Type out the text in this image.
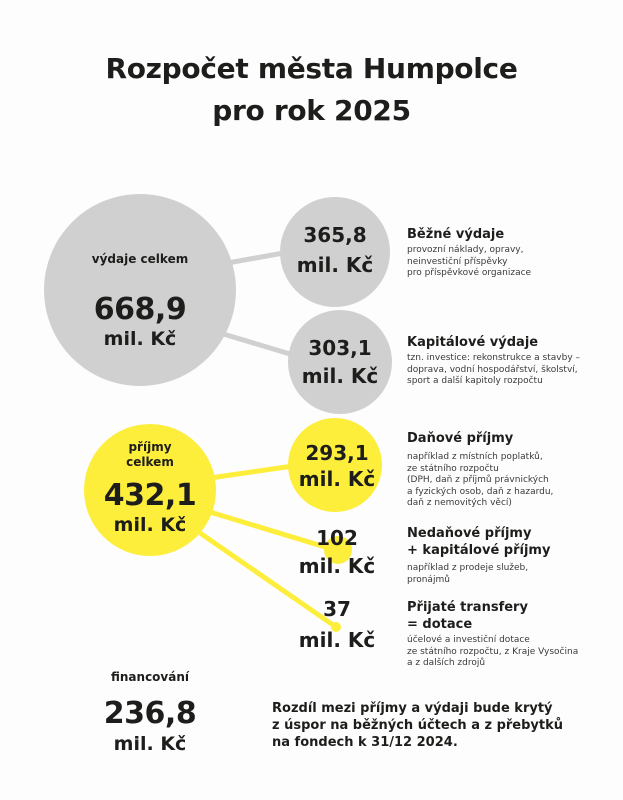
Rozpočet města Humpolce
pro rok 2025
výdaje celkem
668,9
mil. Kč
365,8
mil. Kč
Běžné výdaje
provozní náklady, opravy,
neinvestiční příspěvky
pro příspěvkové organizace
303,1
mil. Kč
Kapitálové výdaje
tzn. investice: rekonstrukce a stavby –
doprava, vodní hospodářství, školství,
sport a další kapitoly rozpočtu
příjmy
celkem
432,1
mil. Kč
293,1
mil. Kč
Daňové příjmy
například z místních poplatků,
ze státního rozpočtu
(DPH, daň z příjmů právnických
a fyzických osob, daň z hazardu,
daň z nemovitých věcí)
102
mil. Kč
Nedaňové příjmy
+ kapitálové příjmy
například z prodeje služeb,
pronájmů
37
mil. Kč
Přijaté transfery
= dotace
účelové a investiční dotace
ze státního rozpočtu, z Kraje Vysočina
a z dalších zdrojů
financování
236,8
mil. Kč
Rozdíl mezi příjmy a výdaji bude krytý
z úspor na běžných účtech a z přebytků
na fondech k 31/12 2024.
